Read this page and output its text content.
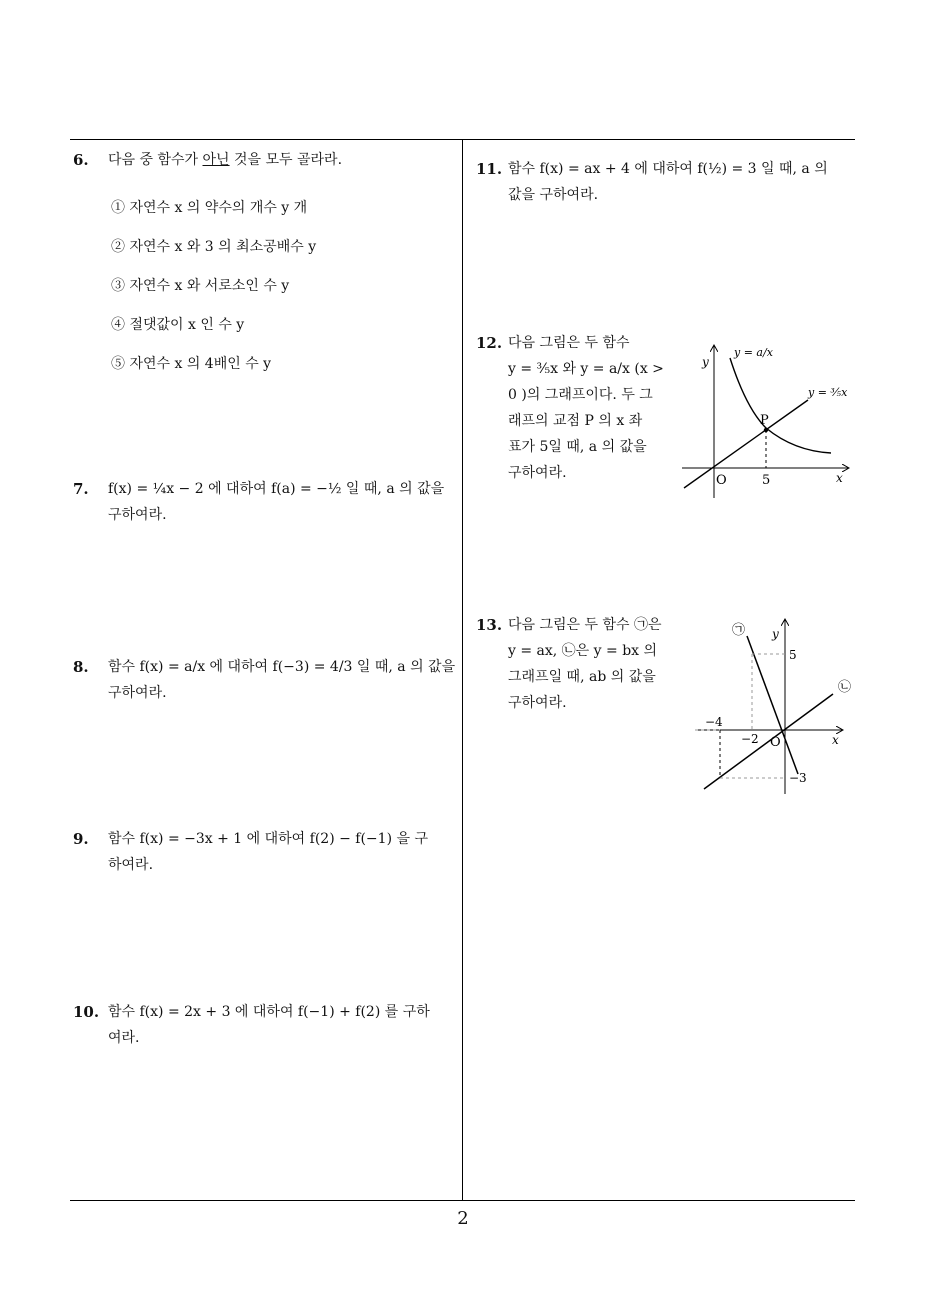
6. 다음 중 함수가 아닌 것을 모두 골라라.
① 자연수 x 의 약수의 개수 y 개
② 자연수 x 와 3 의 최소공배수 y
③ 자연수 x 와 서로소인 수 y
④ 절댓값이 x 인 수 y
⑤ 자연수 x 의 4배인 수 y
7. f(x) = ¼x − 2 에 대하여 f(a) = −½ 일 때, a 의 값을
구하여라.
8. 함수 f(x) = a/x 에 대하여 f(−3) = 4/3 일 때, a 의 값을
구하여라.
9. 함수 f(x) = −3x + 1 에 대하여 f(2) − f(−1) 을 구
하여라.
10. 함수 f(x) = 2x + 3 에 대하여 f(−1) + f(2) 를 구하
여라.
11. 함수 f(x) = ax + 4 에 대하여 f(½) = 3 일 때, a 의
값을 구하여라.
12. 다음 그림은 두 함수
y = ³⁄₅x 와 y = a/x (x >
0 )의 그래프이다. 두 그
래프의 교점 P 의 x 좌
표가 5일 때, a 의 값을
구하여라.
y
x
O	5
P
y = a/x
y = ³⁄₅x
13. 다음 그림은 두 함수 ㉠은
y = ax, ㉡은 y = bx 의
그래프일 때, ab 의 값을
구하여라.
㉠
㉡
y
x
O
5
−4
−2
−3
2
